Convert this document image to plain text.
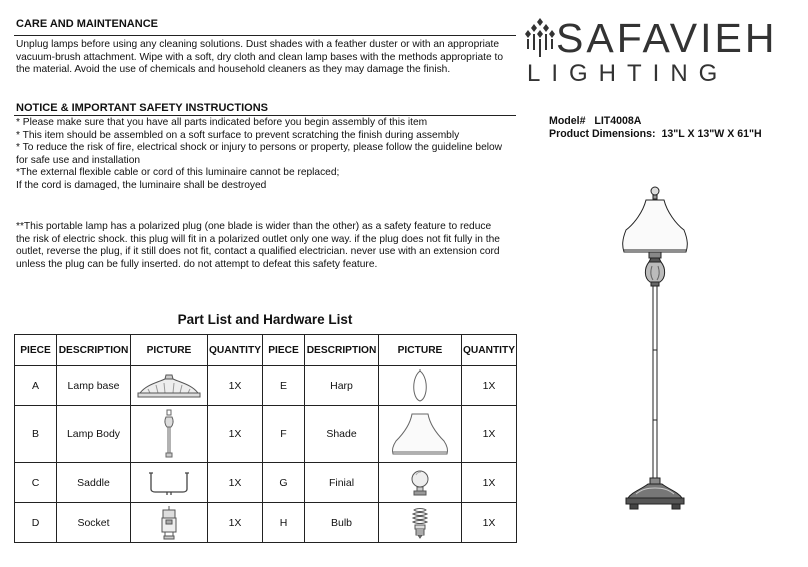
CARE AND MAINTENANCE
Unplug lamps before using any cleaning solutions. Dust shades with a feather duster or with an appropriate
vacuum-brush attachment. Wipe with a soft, dry cloth and clean lamp bases with the methods appropriate to
the material. Avoid the use of chemicals and household cleaners as they may damage the finish.
NOTICE & IMPORTANT SAFETY INSTRUCTIONS
* Please make sure that you have all parts indicated before you begin assembly of this item
* This item should be assembled on a soft surface to prevent scratching the finish during assembly
* To reduce the risk of fire, electrical shock or injury to persons or property, please follow the guideline below
for safe use and installation
*The external flexible cable or cord of this luminaire cannot be replaced;
If the cord is damaged, the luminaire shall be destroyed
**This portable lamp has a polarized plug (one blade is wider than the other) as a safety feature to reduce
the risk of electric shock. this plug will fit in a polarized outlet only one way. if the plug does not fit fully in the
outlet, reverse the plug, if it still does not fit, contact a qualified electrician. never use with an extension cord
unless the plug can be fully inserted. do not attempt to defeat this safety feature.
SAFAVIEH
LIGHTING
Model# LIT4008A
Product Dimensions: 13"L X 13"W X 61"H
Part List and Hardware List
PIECE	DESCRIPTION	PICTURE	QUANTITY	PIECE	DESCRIPTION	PICTURE	QUANTITY
A	Lamp base		1X	E	Harp		1X
B	Lamp Body		1X	F	Shade		1X
C	Saddle		1X	G	Finial		1X
D	Socket		1X	H	Bulb		1X
